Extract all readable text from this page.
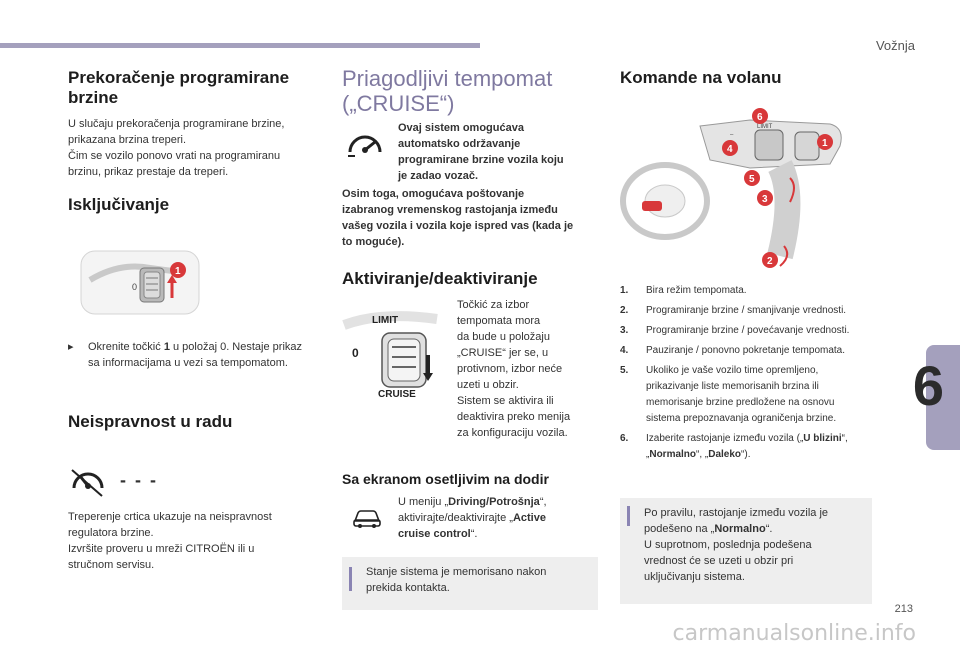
Vožnja
6
213
carmanualsonline.info
Prekoračenje programirane brzine

U slučaju prekoračenja programirane brzine,

prikazana brzina treperi.

Čim se vozilo ponovo vrati na programiranu

brzinu, prikaz prestaje da treperi.

Isključivanje
0
1
▸	Okrenite točkić 1 u položaj 0. Nestaje prikaz

sa informacijama u vezi sa tempomatom.

Neispravnost u radu
- - -

Treperenje crtica ukazuje na neispravnost

regulatora brzine.

Izvršite proveru u mreži CITROËN ili u

stručnom servisu.

Priagodljivi tempomat
(„CRUISE“)

Ovaj sistem omogućava

automatsko održavanje

programirane brzine vozila koju

je zadao vozač.

Osim toga, omogućava poštovanje

izabranog vremenskog rastojanja između

vašeg vozila i vozila koje ispred vas (kada je

to moguće).

Aktiviranje/deaktiviranje
LIMIT
0
CRUISE

Točkić za izbor

tempomata mora

da bude u položaju

„CRUISE“ jer se, u

protivnom, izbor neće

uzeti u obzir.

Sistem se aktivira ili

deaktivira preko menija

za konfiguraciju vozila.

Sa ekranom osetljivim na dodir

U meniju „Driving/Potrošnja“,

aktivirajte/deaktivirajte „Active

cruise control“.

Stanje sistema je memorisano nakon

prekida kontakta.

Komande na volanu
LIMIT
‒
6
4
1
5
3
2
1.	Bira režim tempomata.

2.	Programiranje brzine / smanjivanje vrednosti.

3.	Programiranje brzine / povećavanje vrednosti.

4.	Pauziranje / ponovno pokretanje tempomata.

5.	Ukoliko je vaše vozilo time opremljeno,

prikazivanje liste memorisanih brzina ili

memorisanje brzine predložene na osnovu

sistema prepoznavanja ograničenja brzine.

6.	Izaberite rastojanje između vozila („U blizini“,

„Normalno“, „Daleko“).

Po pravilu, rastojanje između vozila je

podešeno na „Normalno“.

U suprotnom, poslednja podešena

vrednost će se uzeti u obzir pri

uključivanju sistema.
